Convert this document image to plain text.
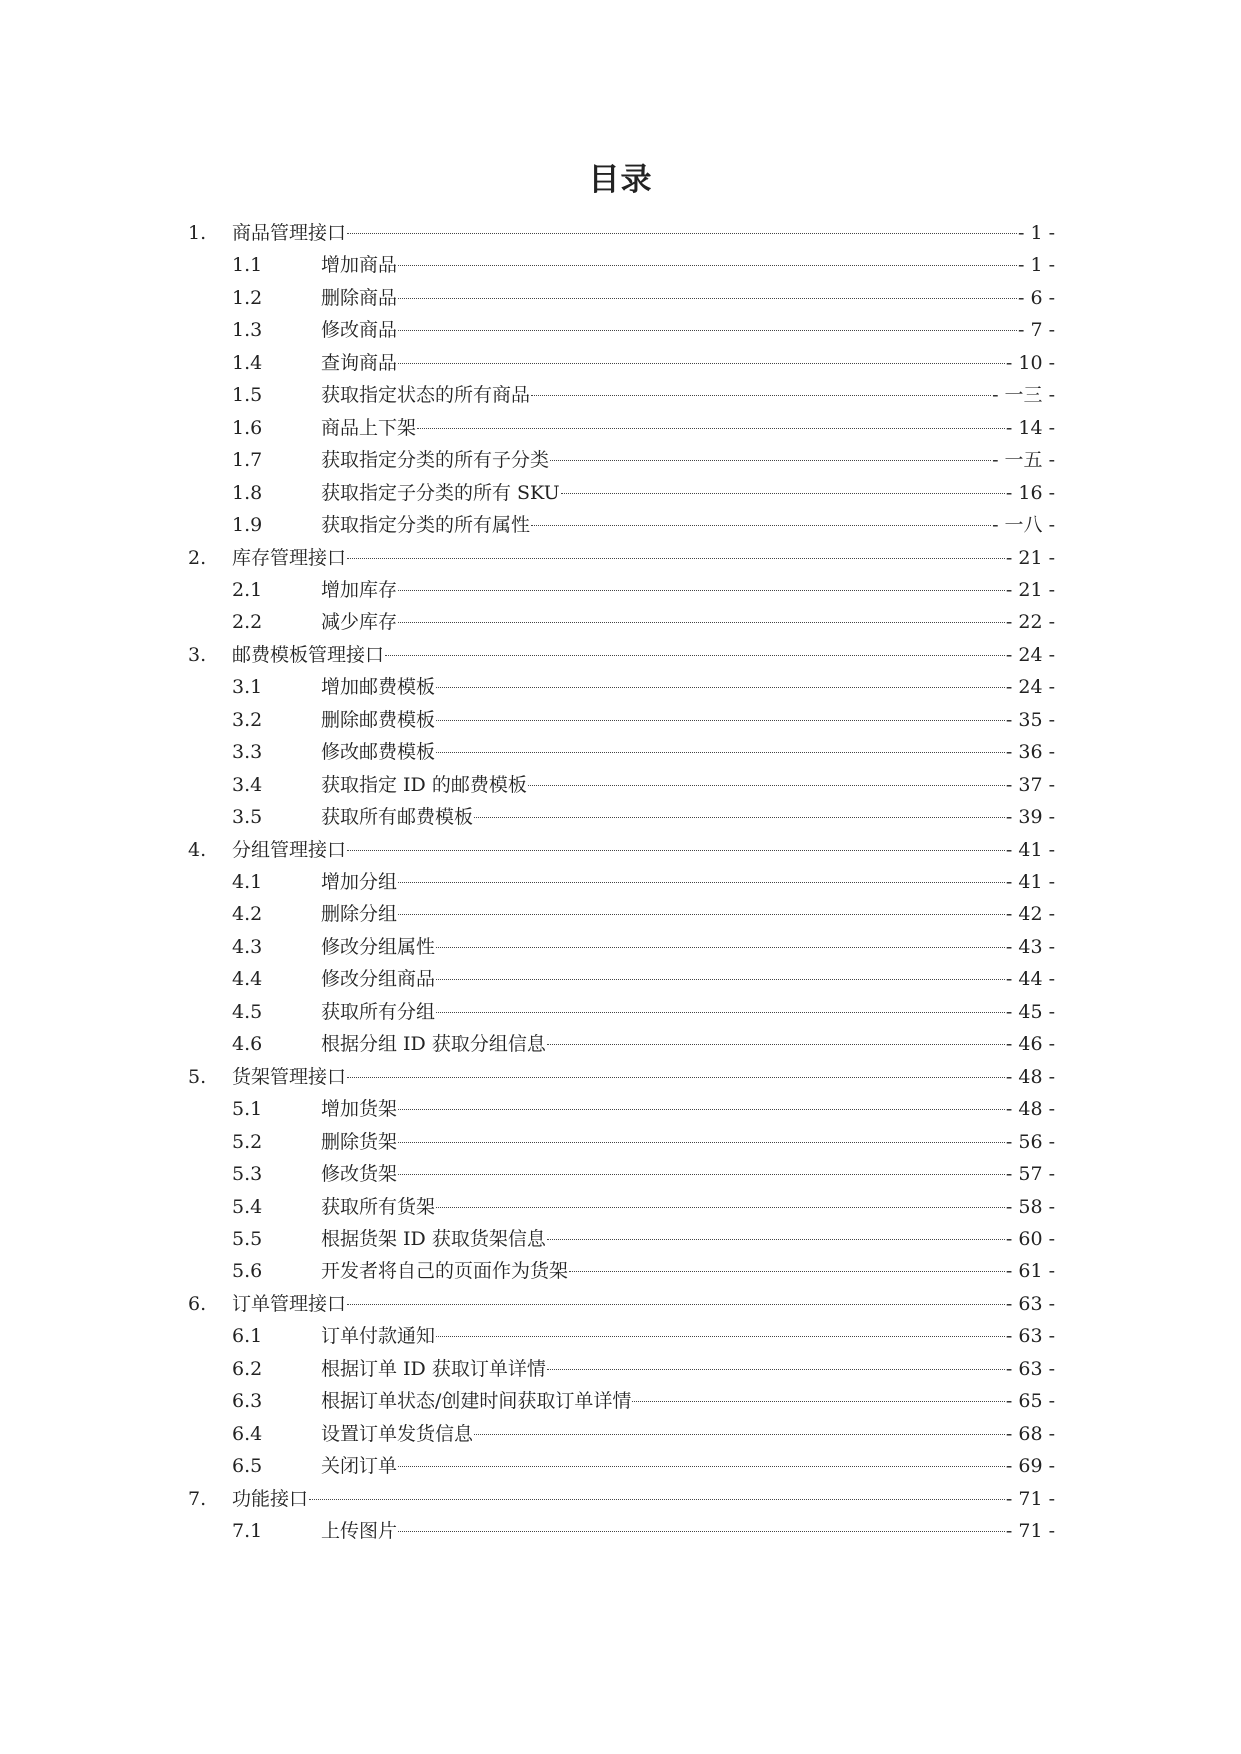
目录
1. 商品管理接口	- 1 -
1.1	增加商品	- 1 -
1.2	删除商品	- 6 -
1.3	修改商品	- 7 -
1.4	查询商品	- 10 -
1.5	获取指定状态的所有商品	- 一三 -
1.6	商品上下架	- 14 -
1.7	获取指定分类的所有子分类	- 一五 -
1.8	获取指定子分类的所有 SKU	- 16 -
1.9	获取指定分类的所有属性	- 一八 -
2. 库存管理接口	- 21 -
2.1	增加库存	- 21 -
2.2	减少库存	- 22 -
3. 邮费模板管理接口	- 24 -
3.1	增加邮费模板	- 24 -
3.2	删除邮费模板	- 35 -
3.3	修改邮费模板	- 36 -
3.4	获取指定 ID 的邮费模板	- 37 -
3.5	获取所有邮费模板	- 39 -
4. 分组管理接口	- 41 -
4.1	增加分组	- 41 -
4.2	删除分组	- 42 -
4.3	修改分组属性	- 43 -
4.4	修改分组商品	- 44 -
4.5	获取所有分组	- 45 -
4.6	根据分组 ID 获取分组信息	- 46 -
5. 货架管理接口	- 48 -
5.1	增加货架	- 48 -
5.2	删除货架	- 56 -
5.3	修改货架	- 57 -
5.4	获取所有货架	- 58 -
5.5	根据货架 ID 获取货架信息	- 60 -
5.6	开发者将自己的页面作为货架	- 61 -
6. 订单管理接口	- 63 -
6.1	订单付款通知	- 63 -
6.2	根据订单 ID 获取订单详情	- 63 -
6.3	根据订单状态/创建时间获取订单详情	- 65 -
6.4	设置订单发货信息	- 68 -
6.5	关闭订单	- 69 -
7. 功能接口	- 71 -
7.1	上传图片	- 71 -
